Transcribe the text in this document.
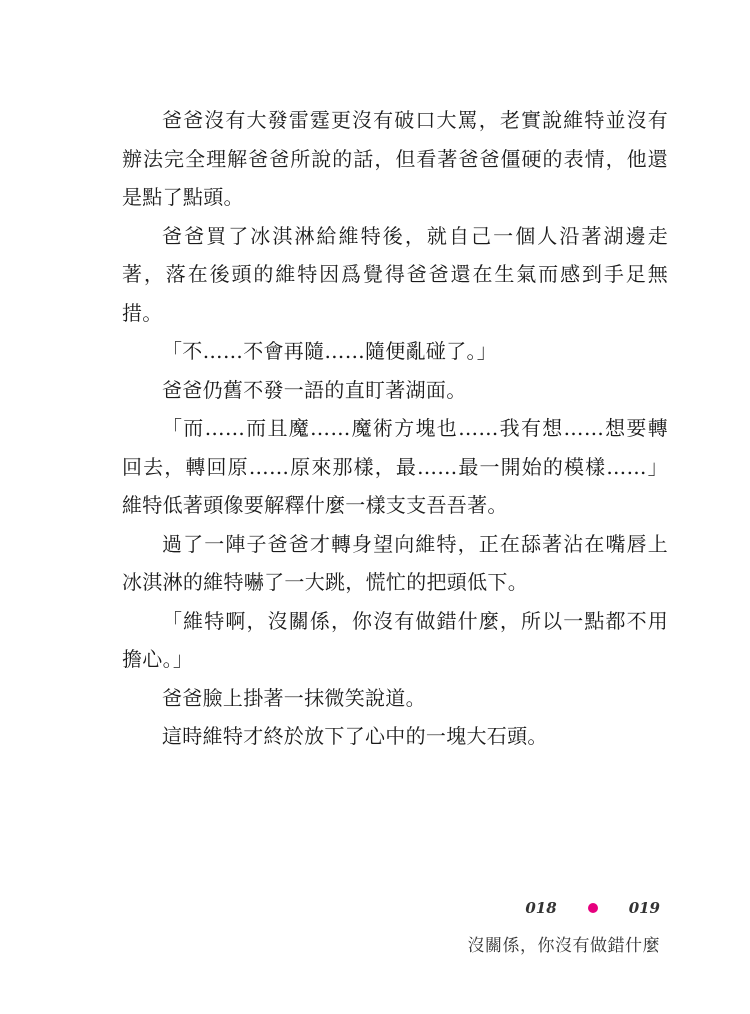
爸爸沒有大發雷霆更沒有破口大罵，老實說維特並沒有辦法完全理解爸爸所說的話，但看著爸爸僵硬的表情，他還是點了點頭。

爸爸買了冰淇淋給維特後，就自己一個人沿著湖邊走著，落在後頭的維特因爲覺得爸爸還在生氣而感到手足無措。

「不……不會再隨……隨便亂碰了。」

爸爸仍舊不發一語的直盯著湖面。

「而……而且魔……魔術方塊也……我有想……想要轉回去，轉回原……原來那樣，最……最一開始的模樣……」維特低著頭像要解釋什麼一樣支支吾吾著。

過了一陣子爸爸才轉身望向維特，正在舔著沾在嘴唇上冰淇淋的維特嚇了一大跳，慌忙的把頭低下。

「維特啊，沒關係，你沒有做錯什麼，所以一點都不用擔心。」

爸爸臉上掛著一抹微笑說道。

這時維特才終於放下了心中的一塊大石頭。

018	019
沒關係，你沒有做錯什麼
